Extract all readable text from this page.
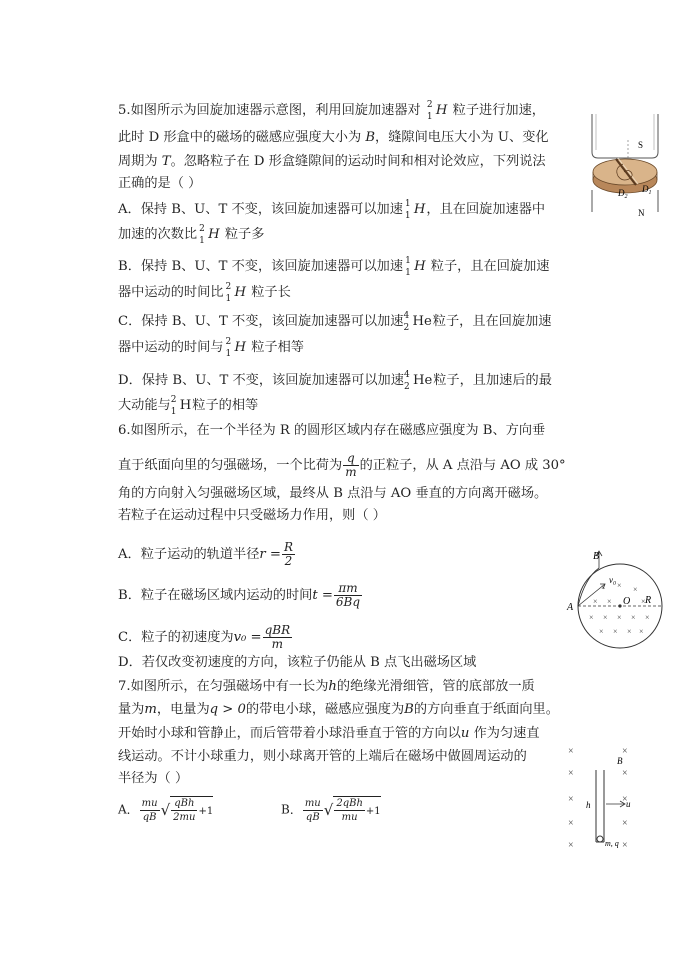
5.如图所示为回旋加速器示意图，利用回旋加速器对 2
1 H 粒子进行加速，
此时 D 形盒中的磁场的磁感应强度大小为 B，缝隙间电压大小为 U、变化
周期为 T。忽略粒子在 D 形盒缝隙间的运动时间和相对论效应，下列说法
正确的是（ ）
A．保持 B、U、T 不变，该回旋加速器可以加速 1
1 H，且在回旋加速器中
加速的次数比 2
1 H 粒子多
B．保持 B、U、T 不变，该回旋加速器可以加速 1
1 H 粒子，且在回旋加速
器中运动的时间比 2
1 H 粒子长
C．保持 B、U、T 不变，该回旋加速器可以加速 4
2 He粒子，且在回旋加速
器中运动的时间与 2
1 H 粒子相等
D．保持 B、U、T 不变，该回旋加速器可以加速 4
2 He粒子，且加速后的最
大动能与 2
1 H粒子的相等
S
N
$D_2$
$D_1$
6.如图所示，在一个半径为 R 的圆形区域内存在磁感应强度为 B、方向垂
直于纸面向里的匀强磁场，一个比荷为 $\frac{q}{m}$ 的正粒子，从 A 点沿与 AO 成 30°
角的方向射入匀强磁场区域，最终从 B 点沿与 AO 垂直的方向离开磁场。
若粒子在运动过程中只受磁场力作用，则（ ）
A．粒子运动的轨道半径$r = \frac{R}{2}$
B．粒子在磁场区域内运动的时间$t = \frac{\pi m}{6Bq}$
C．粒子的初速度为$v_0 = \frac{\text{qBR}}{m}$
D．若仅改变初速度的方向，该粒子仍能从 B 点飞出磁场区域
× × ×
× ×	×
× × × × ×
× × × ×
B
A
O R
v₀
7.如图所示，在匀强磁场中有一长为h的绝缘光滑细管，管的底部放一质
量为m，电量为q > 0的带电小球，磁感应强度为B的方向垂直于纸面向里。
开始时小球和管静止，而后管带着小球沿垂直于管的方向以u 作为匀速直
线运动。不计小球重力，则小球离开管的上端后在磁场中做圆周运动的
半径为（ ）
A． $\frac{mu}{qB}$ √ $\frac{\text{qBh}}{2mu} +1$	B． $\frac{mu}{qB}$ √ $\frac{\text{2qBh}}{mu} +1$
×	×
×	×
×	×
×	×
×	×
B
h	u
m, q
